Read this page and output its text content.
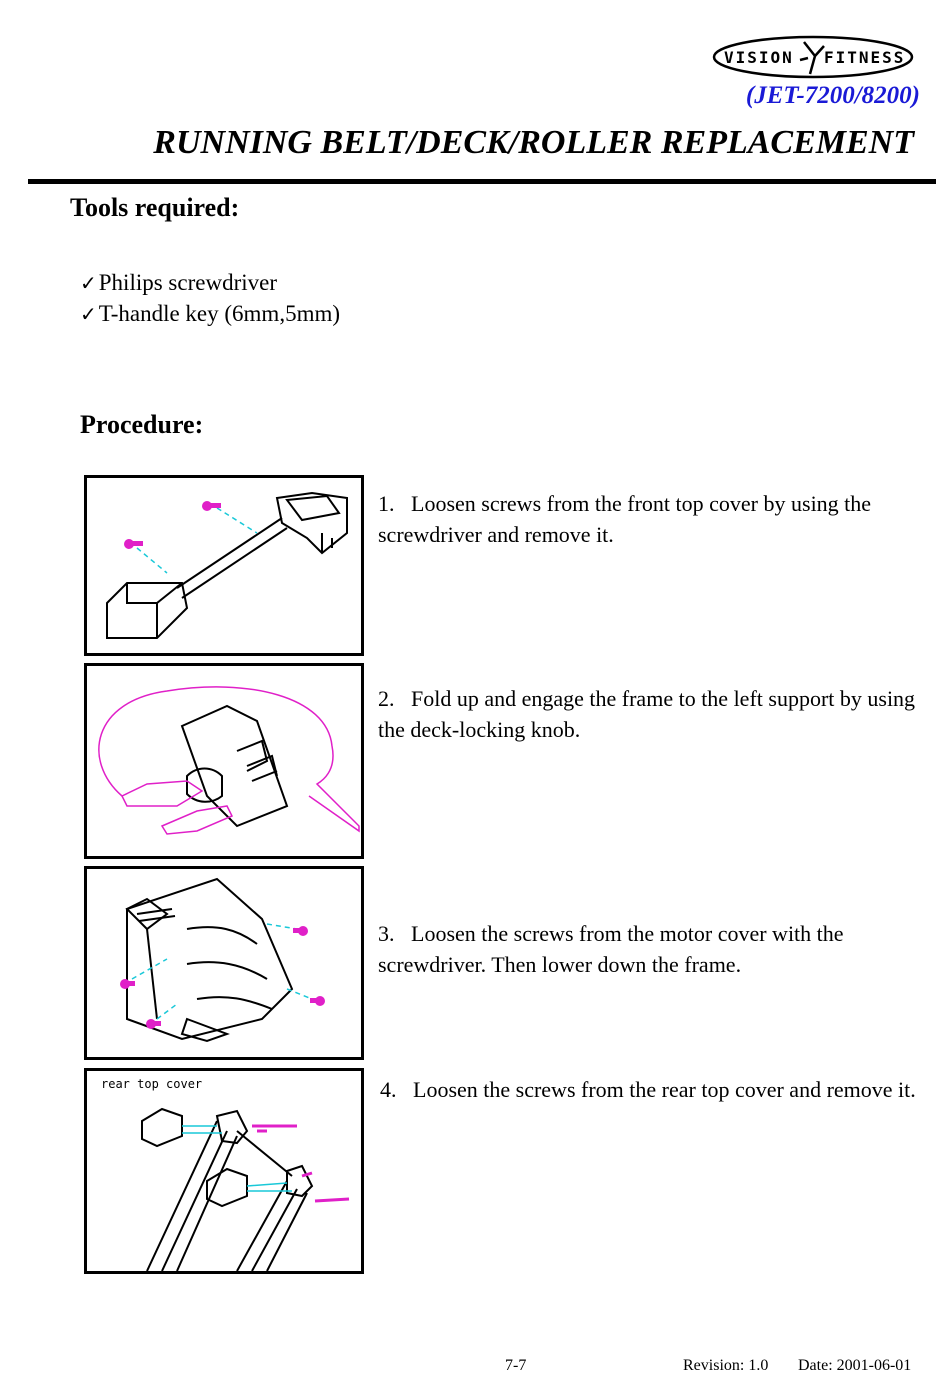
VISION FITNESS
(JET-7200/8200)
RUNNING BELT/DECK/ROLLER REPLACEMENT
Tools required:
✓Philips screwdriver
✓T-handle key (6mm,5mm)
Procedure:
rear top cover
1. Loosen screws from the front top cover by using the screwdriver and remove it.
2. Fold up and engage the frame to the left support by using the deck-locking knob.
3. Loosen the screws from the motor cover with the screwdriver. Then lower down the frame.
4. Loosen the screws from the rear top cover and remove it.
7-7	Revision: 1.0 Date: 2001-06-01
